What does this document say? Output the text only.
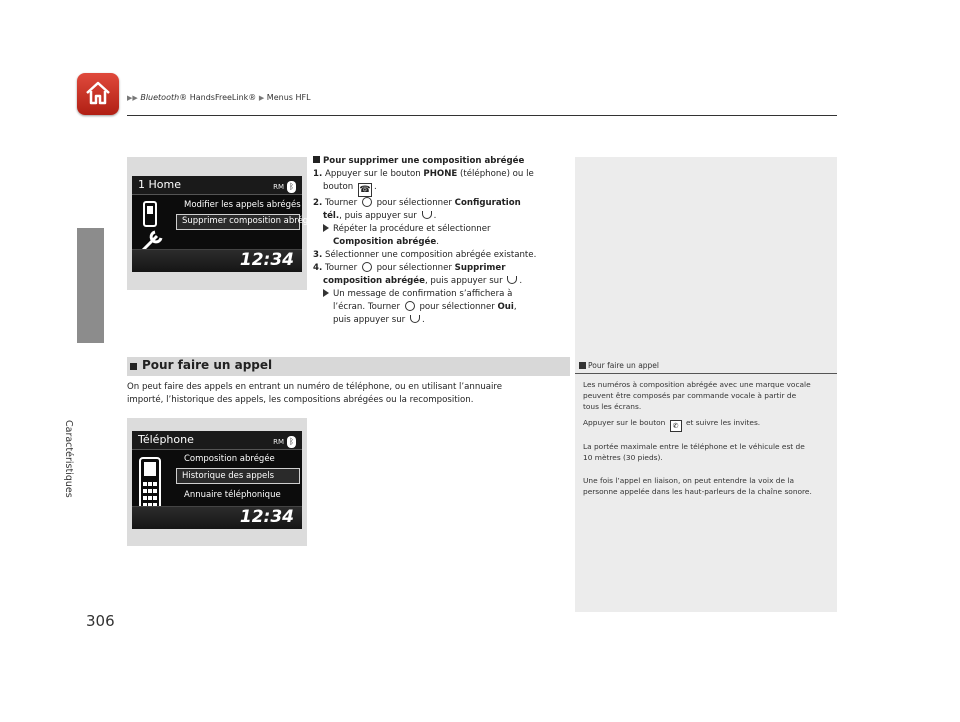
▶▶ Bluetooth® HandsFreeLink® ▶ Menus HFL
Caractéristiques
306
1 Home	RM ᛒ
Modifier les appels abrégés
Supprimer composition abrégée
12:34
Pour supprimer une composition abrégée
1. Appuyer sur le bouton PHONE (téléphone) ou le
bouton ☎ .
2. Tourner  pour sélectionner Configuration
tél., puis appuyer sur .
Répéter la procédure et sélectionner
Composition abrégée.
3. Sélectionner une composition abrégée existante.
4. Tourner  pour sélectionner Supprimer
composition abrégée, puis appuyer sur .
Un message de confirmation s’affichera à
l’écran. Tourner  pour sélectionner Oui,
puis appuyer sur .
Pour faire un appel
Les numéros à composition abrégée avec une marque vocale
peuvent être composés par commande vocale à partir de
tous les écrans.
Appuyer sur le bouton ✆ et suivre les invites.
La portée maximale entre le téléphone et le véhicule est de
10 mètres (30 pieds).
Une fois l’appel en liaison, on peut entendre la voix de la
personne appelée dans les haut-parleurs de la chaîne sonore.
Pour faire un appel
On peut faire des appels en entrant un numéro de téléphone, ou en utilisant l’annuaire
importé, l’historique des appels, les compositions abrégées ou la recomposition.
Téléphone	RM ᛒ
Composition abrégée
Historique des appels
Annuaire téléphonique
12:34
